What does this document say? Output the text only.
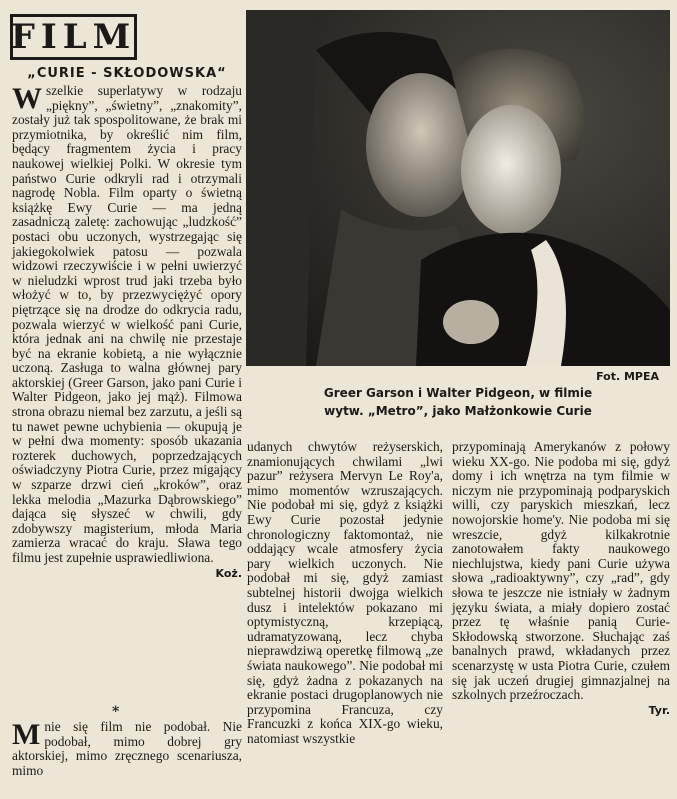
FILM
„CURIE - SKŁODOWSKA“
Fot. MPEA
Greer Garson i Walter Pidgeon, w filmie
wytw. „Metro”, jako Małżonkowie Curie

W szelkie superlatywy w rodzaju „piękny”, „świetny”, „znakomity”, zostały już tak spospolitowane, że brak mi przymiotnika, by określić nim film, będący fragmentem życia i pracy naukowej wielkiej Polki. W okresie tym państwo Curie odkryli rad i otrzymali nagrodę Nobla. Film oparty o świetną książkę Ewy Curie — ma jedną zasadniczą zaletę: zachowując „ludzkość” postaci obu uczonych, wystrzegając się jakiegokolwiek patosu — pozwala widzowi rzeczywiście i w pełni uwierzyć w nieludzki wprost trud jaki trzeba było włożyć w to, by przezwyciężyć opory piętrzące się na drodze do odkrycia radu, pozwala wierzyć w wielkość pani Curie, która jednak ani na chwilę nie przestaje być na ekranie kobietą, a nie wyłącznie uczoną. Zasługa to walna głównej pary aktorskiej (Greer Garson, jako pani Curie i Walter Pidgeon, jako jej mąż). Filmowa strona obrazu niemal bez zarzutu, a jeśli są tu nawet pewne uchybienia — okupują je w pełni dwa momenty: sposób ukazania rozterek duchowych, poprzedzających oświadczyny Piotra Curie, przez migający w szparze drzwi cień „kroków”, oraz lekka melodia „Mazurka Dąbrowskiego” dająca się słyszeć w chwili, gdy zdobywszy magisterium, młoda Maria zamierza wracać do kraju. Sława tego filmu jest zupełnie usprawiedliwiona.

Koż.
*

M nie się film nie podobał. Nie podobał, mimo dobrej gry aktorskiej, mimo zręcznego scenariusza, mimo

udanych chwytów reżyserskich, znamionujących chwilami „lwi pazur” reżysera Mervyn Le Roy'a, mimo momentów wzruszających. Nie podobał mi się, gdyż z książki Ewy Curie pozostał jedynie chronologiczny faktomontaż, nie oddający wcale atmosfery życia pary wielkich uczonych. Nie podobał mi się, gdyż zamiast subtelnej historii dwojga wielkich dusz i intelektów pokazano mi optymistyczną, krzepiącą, udramatyzowaną, lecz chyba nieprawdziwą operetkę filmową „ze świata naukowego”. Nie podobał mi się, gdyż żadna z pokazanych na ekranie postaci drugoplanowych nie przypomina Francuza, czy Francuzki z końca XIX-go wieku, natomiast wszystkie

przypominają Amerykanów z połowy wieku XX-go. Nie podoba mi się, gdyż domy i ich wnętrza na tym filmie w niczym nie przypominają podparyskich willi, czy paryskich mieszkań, lecz nowojorskie home'y. Nie podoba mi się wreszcie, gdyż kilkakrotnie zanotowałem fakty naukowego niechlujstwa, kiedy pani Curie używa słowa „radioaktywny”, czy „rad”, gdy słowa te jeszcze nie istniały w żadnym języku świata, a miały dopiero zostać przez tę właśnie panią Curie-Skłodowską stworzone. Słuchając zaś banalnych prawd, wkładanych przez scenarzystę w usta Piotra Curie, czułem się jak uczeń drugiej gimnazjalnej na szkolnych przeźroczach.

Tyr.
